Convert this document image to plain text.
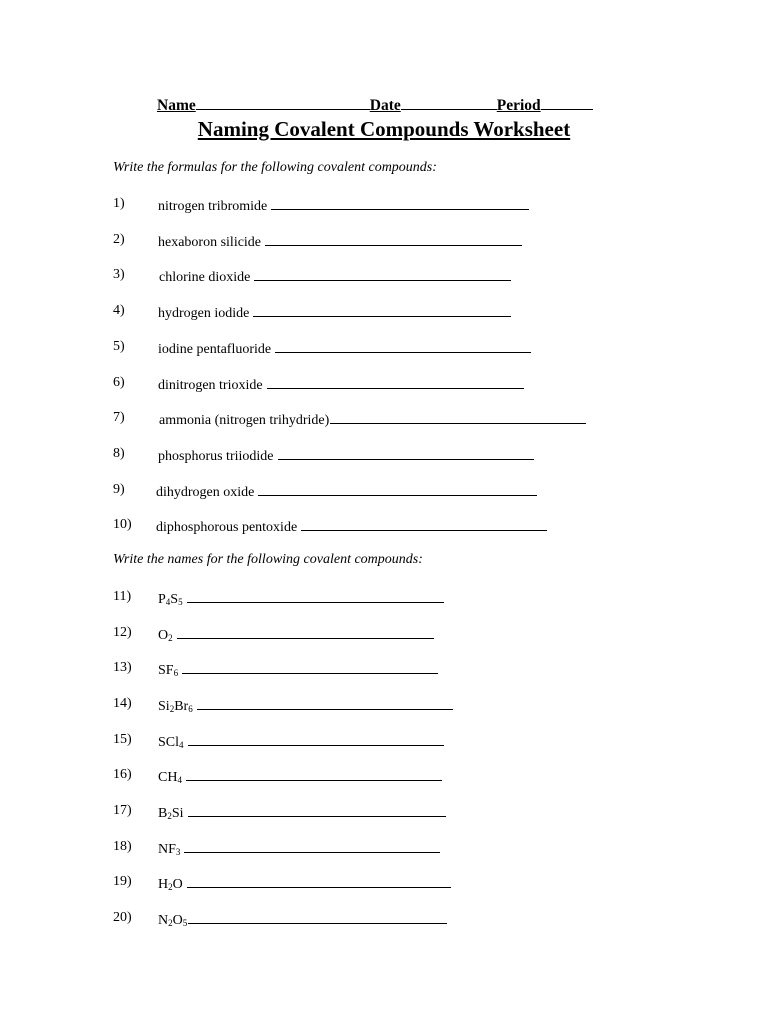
Name	Date	Period
Naming Covalent Compounds Worksheet
Write the formulas for the following covalent compounds:
1) nitrogen tribromide
2) hexaboron silicide
3) chlorine dioxide
4) hydrogen iodide
5) iodine pentafluoride
6) dinitrogen trioxide
7) ammonia (nitrogen trihydride)
8) phosphorus triiodide
9) dihydrogen oxide
10) diphosphorous pentoxide
Write the names for the following covalent compounds:
11) $P_4S_5$
12) $O_2$
13) $SF_6$
14) $Si_2Br_6$
15) SCl$_4$
16) $CH_4$
17) $B_2Si$
18) $NF_3$
19) $H_2O$
20) $N_2O_5$
